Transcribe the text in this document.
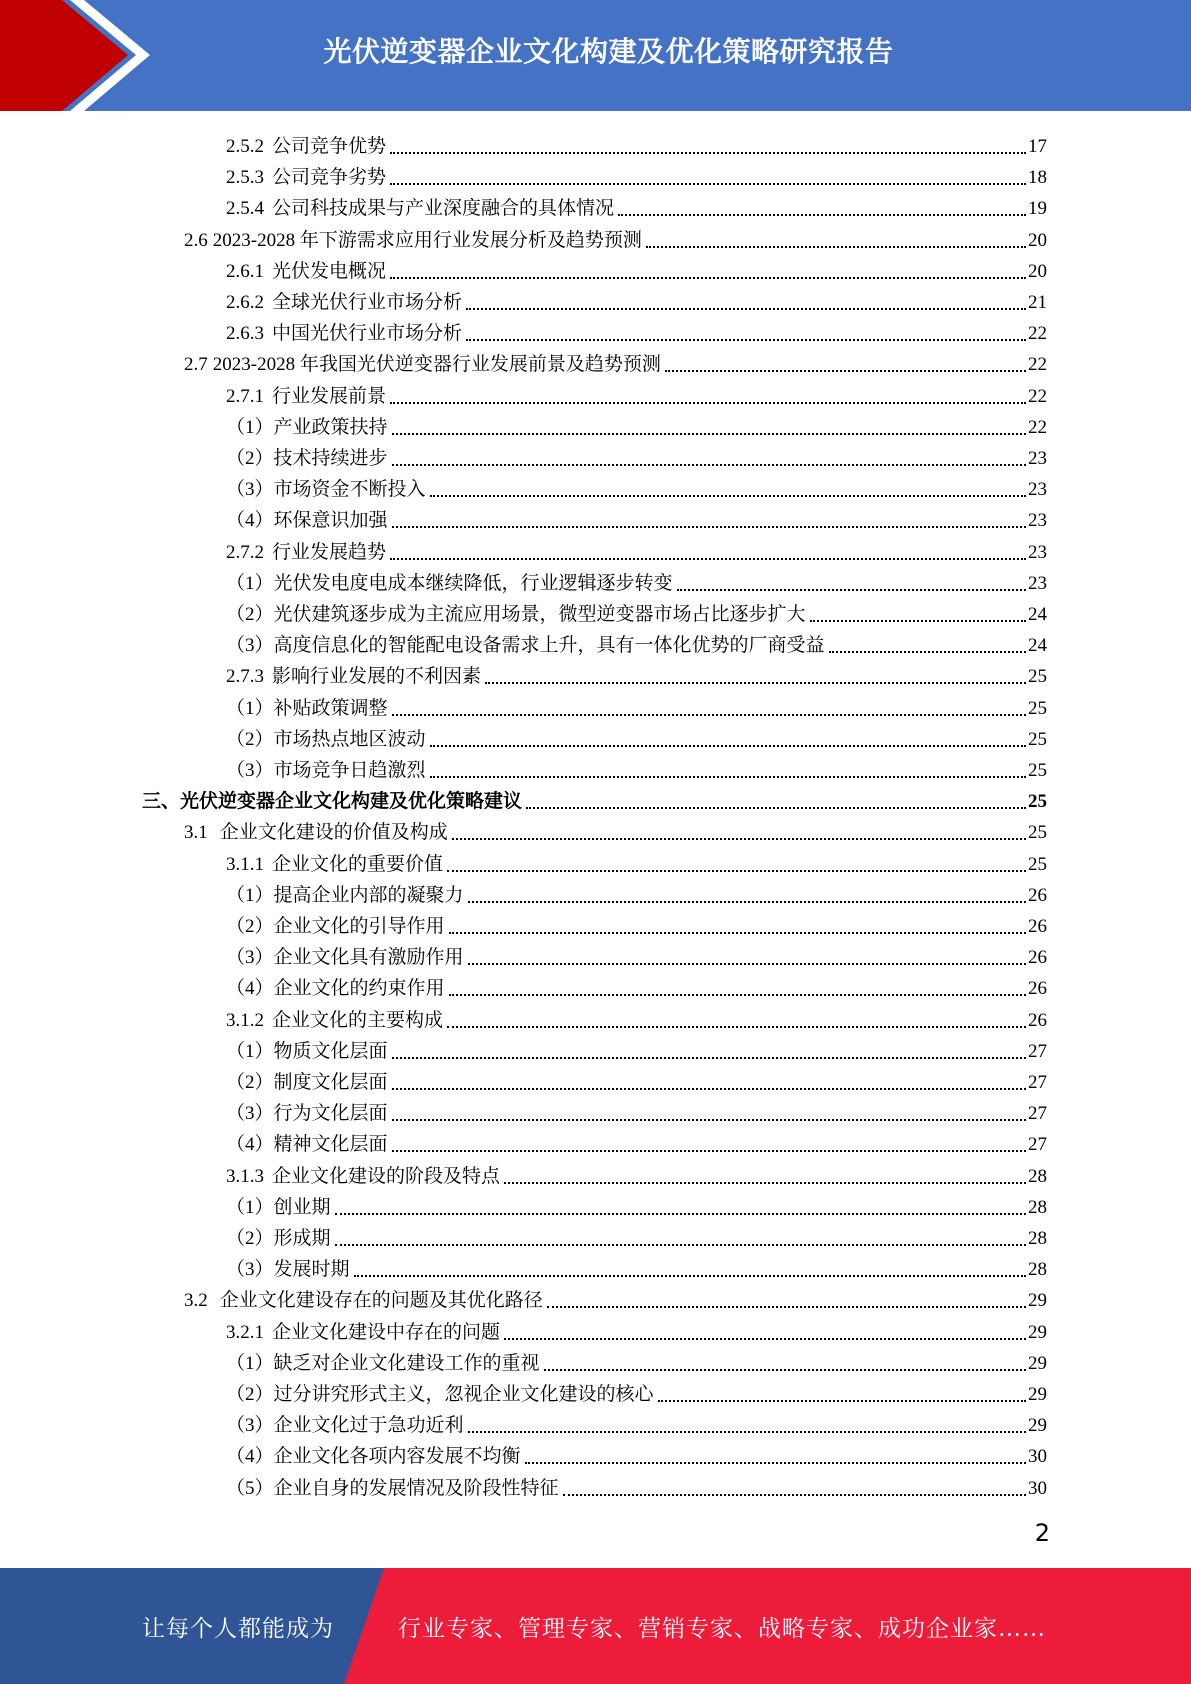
光伏逆变器企业文化构建及优化策略研究报告
2.5.2 公司竞争优势	17
2.5.3 公司竞争劣势	18
2.5.4 公司科技成果与产业深度融合的具体情况	19
2.6 2023-2028 年下游需求应用行业发展分析及趋势预测	20
2.6.1 光伏发电概况	20
2.6.2 全球光伏行业市场分析	21
2.6.3 中国光伏行业市场分析	22
2.7 2023-2028 年我国光伏逆变器行业发展前景及趋势预测	22
2.7.1 行业发展前景	22
（1）产业政策扶持	22
（2）技术持续进步	23
（3）市场资金不断投入	23
（4）环保意识加强	23
2.7.2 行业发展趋势	23
（1）光伏发电度电成本继续降低，行业逻辑逐步转变	23
（2）光伏建筑逐步成为主流应用场景，微型逆变器市场占比逐步扩大	24
（3）高度信息化的智能配电设备需求上升，具有一体化优势的厂商受益	24
2.7.3 影响行业发展的不利因素	25
（1）补贴政策调整	25
（2）市场热点地区波动	25
（3）市场竞争日趋激烈	25
三、光伏逆变器企业文化构建及优化策略建议	25
3.1 企业文化建设的价值及构成	25
3.1.1 企业文化的重要价值	25
（1）提高企业内部的凝聚力	26
（2）企业文化的引导作用	26
（3）企业文化具有激励作用	26
（4）企业文化的约束作用	26
3.1.2 企业文化的主要构成	26
（1）物质文化层面	27
（2）制度文化层面	27
（3）行为文化层面	27
（4）精神文化层面	27
3.1.3 企业文化建设的阶段及特点	28
（1）创业期	28
（2）形成期	28
（3）发展时期	28
3.2 企业文化建设存在的问题及其优化路径	29
3.2.1 企业文化建设中存在的问题	29
（1）缺乏对企业文化建设工作的重视	29
（2）过分讲究形式主义，忽视企业文化建设的核心	29
（3）企业文化过于急功近利	29
（4）企业文化各项内容发展不均衡	30
（5）企业自身的发展情况及阶段性特征	30
2
让每个人都能成为	行业专家、管理专家、营销专家、战略专家、成功企业家……
